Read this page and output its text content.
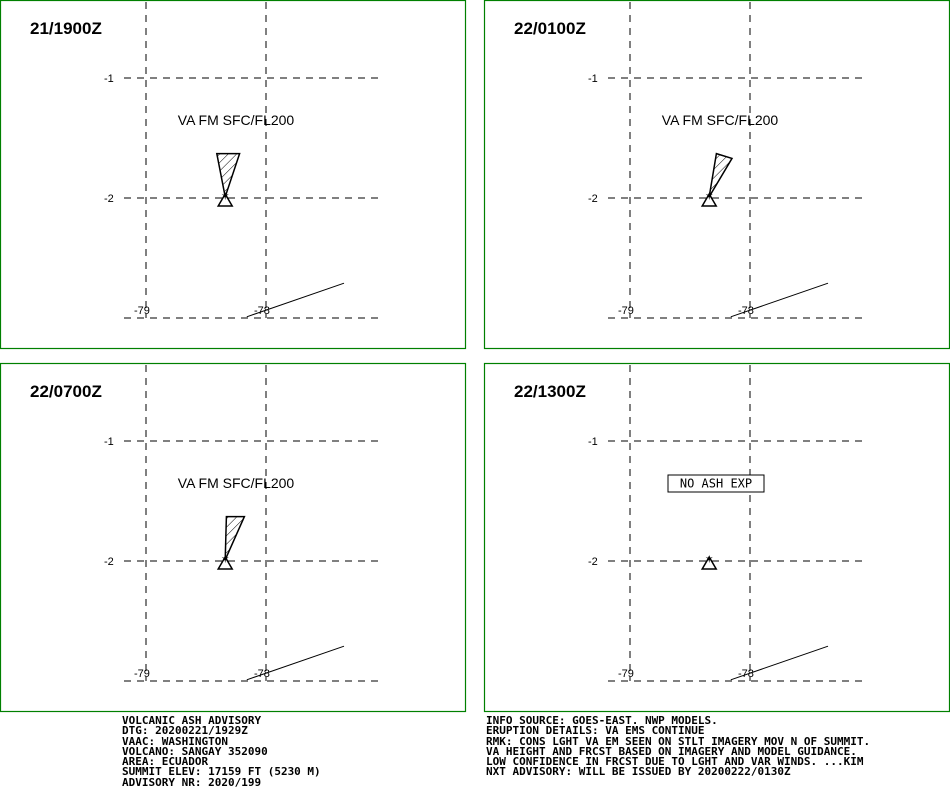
-1
-2
-79	-78
21/1900Z
VA FM SFC/FL200
✶
-1
-2
-79	-78
22/0100Z
VA FM SFC/FL200
✶
-1
-2
-79	-78
22/0700Z
VA FM SFC/FL200
✶
-1
-2
-79	-78
22/1300Z
NO ASH EXP
✶
VOLCANIC ASH ADVISORY
DTG: 20200221/1929Z
VAAC: WASHINGTON
VOLCANO: SANGAY 352090
AREA: ECUADOR
SUMMIT ELEV: 17159 FT (5230 M)
ADVISORY NR: 2020/199
INFO SOURCE: GOES-EAST. NWP MODELS.
ERUPTION DETAILS: VA EMS CONTINUE
RMK: CONS LGHT VA EM SEEN ON STLT IMAGERY MOV N OF SUMMIT.
VA HEIGHT AND FRCST BASED ON IMAGERY AND MODEL GUIDANCE.
LOW CONFIDENCE IN FRCST DUE TO LGHT AND VAR WINDS. ...KIM
NXT ADVISORY: WILL BE ISSUED BY 20200222/0130Z
